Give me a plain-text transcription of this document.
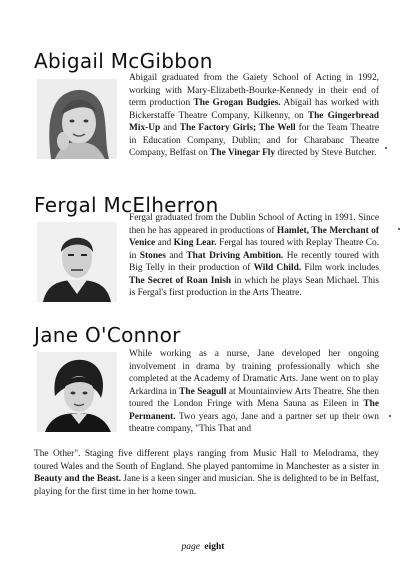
Abigail McGibbon

Abigail graduated from the Gaiety School of Acting in 1992, working with Mary-Elizabeth-Bourke-Kennedy in their end of term production The Grogan Budgies. Abigail has worked with Bickerstaffe Theatre Company, Kilkenny, on The Gingerbread Mix-Up and The Factory Girls; The Well for the Team Theatre in Education Company, Dublin; and for Charabanc Theatre Company, Belfast on The Vinegar Fly directed by Steve Butcher.

Fergal McElherron

Fergal graduated from the Dublin School of Acting in 1991. Since then he has appeared in productions of Hamlet, The Merchant of Venice and King Lear. Fergal has toured with Replay Theatre Co. in Stones and That Driving Ambition. He recently toured with Big Telly in their production of Wild Child. Film work includes The Secret of Roan Inish in which he plays Sean Michael. This is Fergal's first production in the Arts Theatre.

Jane O'Connor

While working as a nurse, Jane developed her ongoing involvement in drama by training professionally which she completed at the Academy of Dramatic Arts. Jane went on to play Arkardina in The Seagull at Mountainview Arts Theatre. She then toured the London Fringe with Mena Sauna as Eileen in The Permanent. Two years ago, Jane and a partner set up their own theatre company, "This That and

The Other". Staging five different plays ranging from Music Hall to Melodrama, they toured Wales and the South of England. She played pantomime in Manchester as a sister in Beauty and the Beast. Jane is a keen singer and musician. She is delighted to be in Belfast, playing for the first time in her home town.

page eight
